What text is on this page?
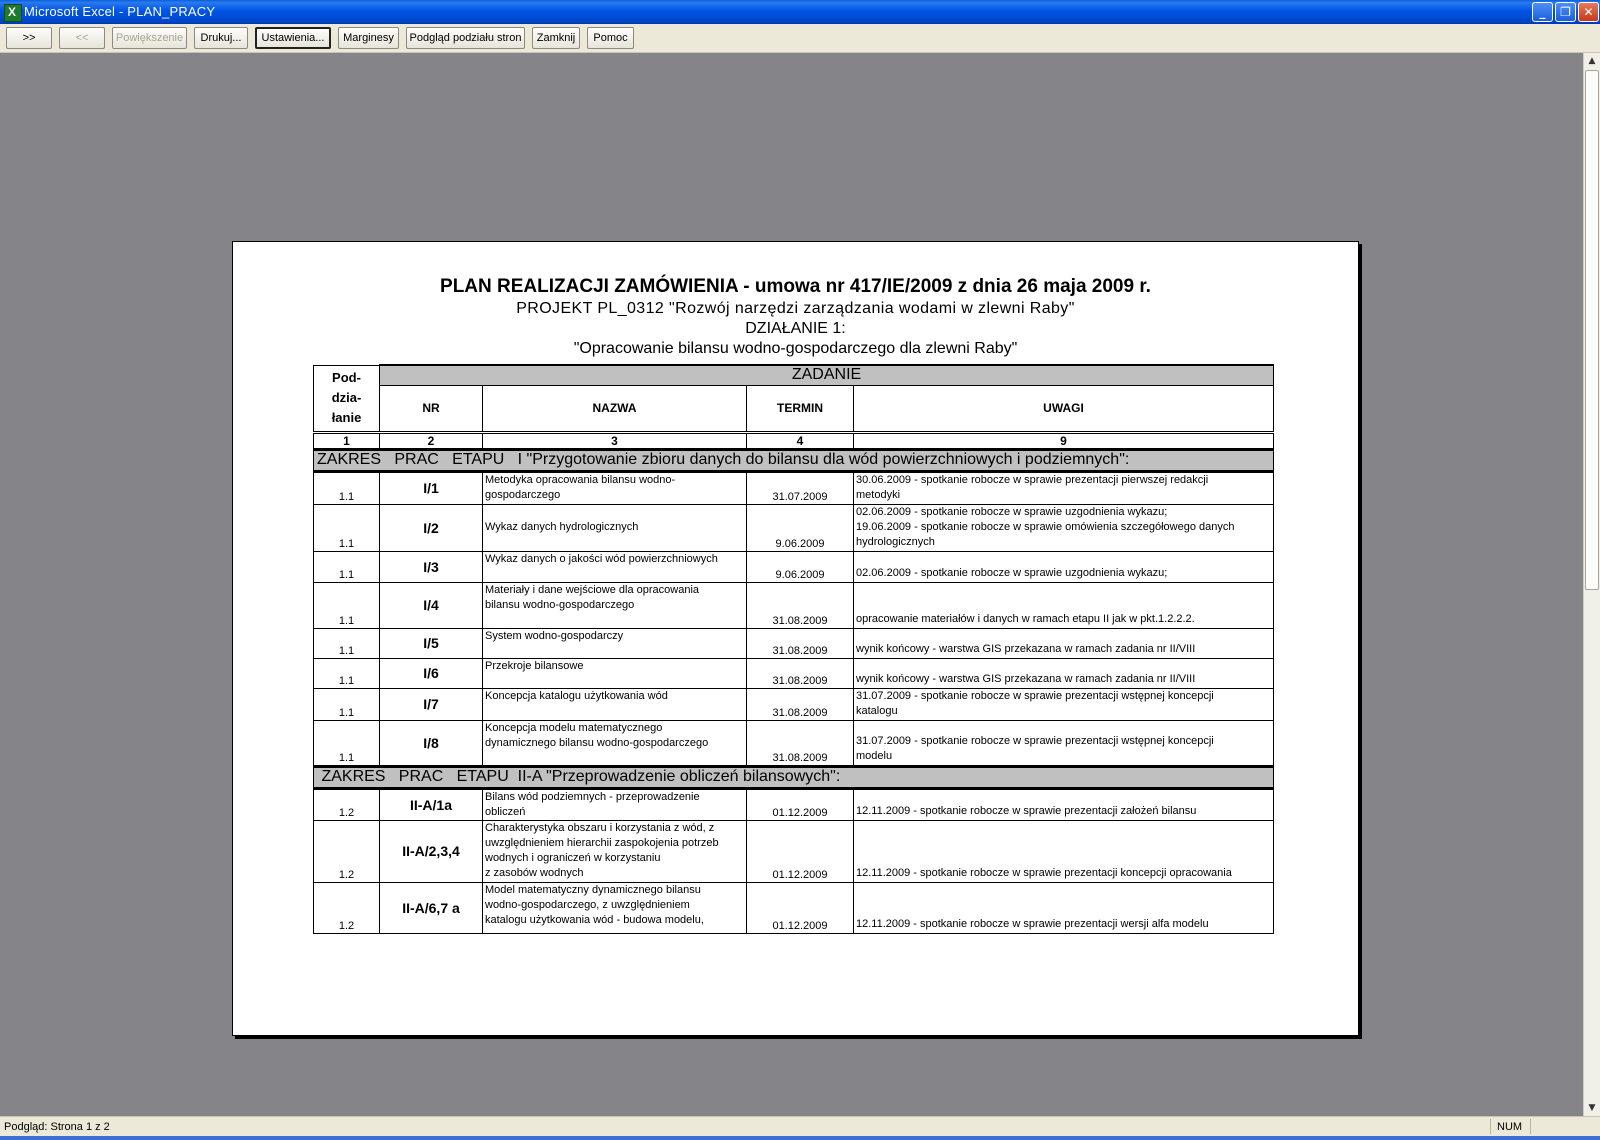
X
Microsoft Excel - PLAN_PRACY	_	❐	✕
>>	<<	Powiększenie	Drukuj...	Ustawienia...	Marginesy	Podgląd podziału stron	Zamknij	Pomoc
PLAN REALIZACJI ZAMÓWIENIA - umowa nr 417/IE/2009 z dnia 26 maja 2009 r.
PROJEKT PL_0312 "Rozwój narzędzi zarządzania wodami w zlewni Raby"
DZIAŁANIE 1:
"Opracowanie bilansu wodno-gospodarczego dla zlewni Raby"
Pod-
dzia-
łanie	ZADANIE			
	NR	NAZWA	TERMIN	UWAGI
1	2	3	4	9
ZAKRES   PRAC   ETAPU   I "Przygotowanie zbioru danych do bilansu dla wód powierzchniowych i podziemnych":				
1.1	I/1	Metodyka opracowania bilansu wodno-
gospodarczego	31.07.2009	30.06.2009 - spotkanie robocze w sprawie prezentacji pierwszej redakcji
metodyki
1.1	I/2	
Wykaz danych hydrologicznych	9.06.2009	02.06.2009 - spotkanie robocze w sprawie uzgodnienia wykazu;
19.06.2009 - spotkanie robocze w sprawie omówienia szczegółowego danych
hydrologicznych
1.1	I/3	Wykaz danych o jakości wód powierzchniowych	9.06.2009	02.06.2009 - spotkanie robocze w sprawie uzgodnienia wykazu;
1.1	I/4	Materiały i dane wejściowe dla opracowania
bilansu wodno-gospodarczego	31.08.2009	opracowanie materiałów i danych w ramach etapu II jak w pkt.1.2.2.2.
1.1	I/5	System wodno-gospodarczy	31.08.2009	wynik końcowy - warstwa GIS przekazana w ramach zadania nr II/VIII
1.1	I/6	Przekroje bilansowe	31.08.2009	wynik końcowy - warstwa GIS przekazana w ramach zadania nr II/VIII
1.1	I/7	Koncepcja katalogu użytkowania wód	31.08.2009	31.07.2009 - spotkanie robocze w sprawie prezentacji wstępnej koncepcji
katalogu
1.1	I/8	Koncepcja modelu matematycznego
dynamicznego bilansu wodno-gospodarczego	31.08.2009	31.07.2009 - spotkanie robocze w sprawie prezentacji wstępnej koncepcji
modelu
ZAKRES   PRAC   ETAPU  II-A "Przeprowadzenie obliczeń bilansowych":				
1.2	II-A/1a	Bilans wód podziemnych - przeprowadzenie
obliczeń	01.12.2009	12.11.2009 - spotkanie robocze w sprawie prezentacji założeń bilansu
1.2	II-A/2,3,4	Charakterystyka obszaru i korzystania z wód, z
uwzględnieniem hierarchii zaspokojenia potrzeb
wodnych i ograniczeń w korzystaniu
z zasobów wodnych	01.12.2009	12.11.2009 - spotkanie robocze w sprawie prezentacji koncepcji opracowania
1.2	II-A/6,7 a	Model matematyczny dynamicznego bilansu
wodno-gospodarczego, z uwzględnieniem
katalogu użytkowania wód - budowa modelu,	01.12.2009	12.11.2009 - spotkanie robocze w sprawie prezentacji wersji alfa modelu
▲
▼
Podgląd: Strona 1 z 2	NUM
